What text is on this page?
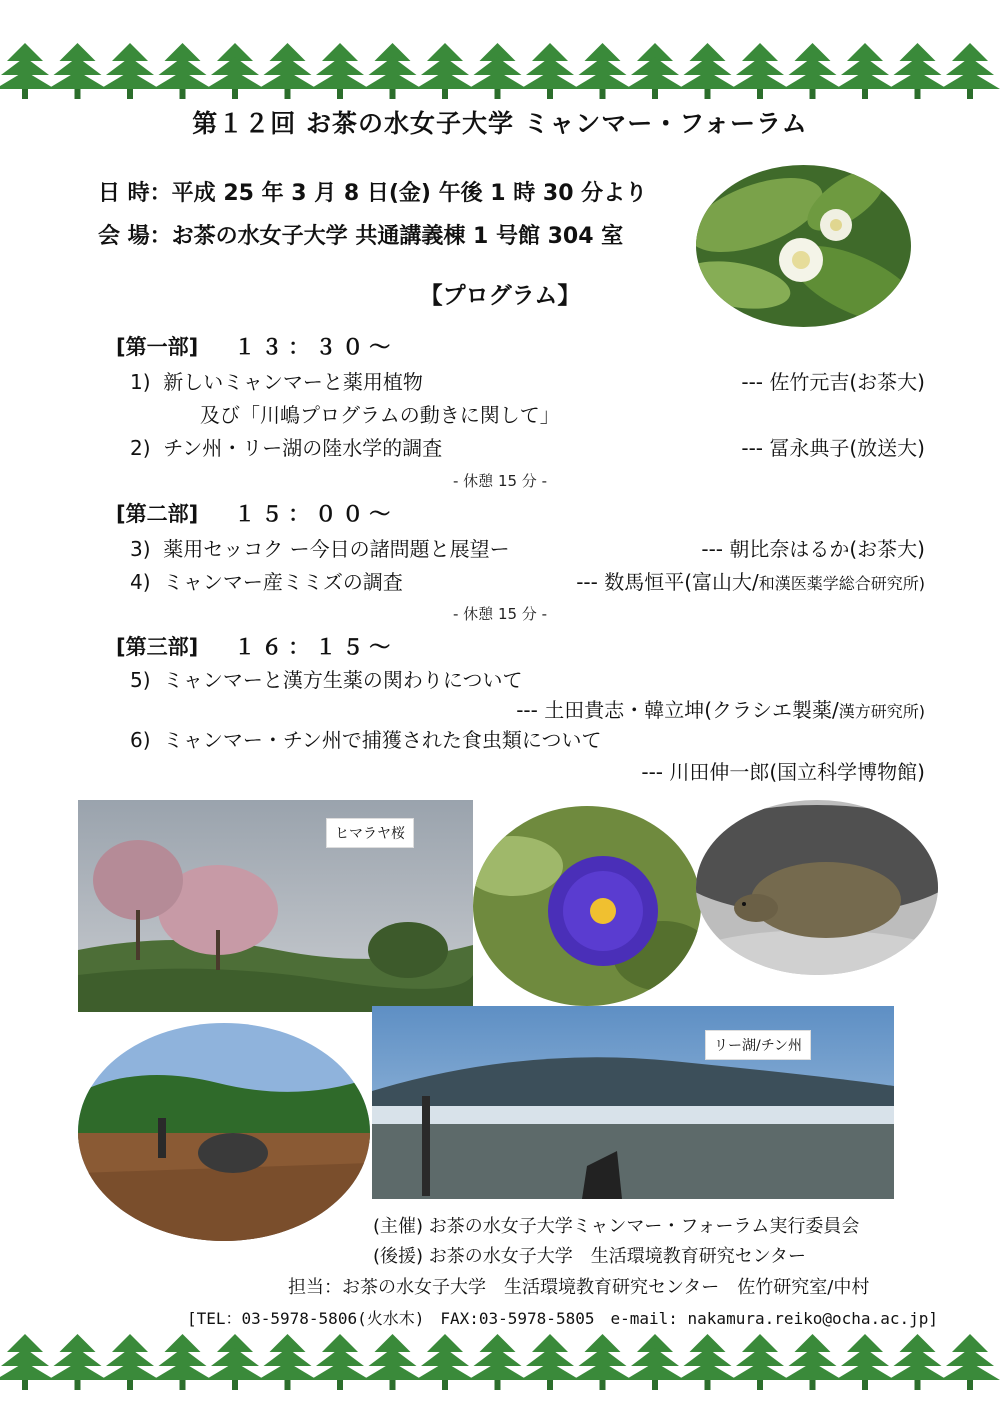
第１２回 お茶の水女子大学 ミャンマー・フォーラム
日 時：平成 25 年 3 月 8 日(金) 午後 1 時 30 分より
会 場：お茶の水女子大学 共通講義棟 1 号館 304 室
【プログラム】
[第一部] １３：３０～
1) 新しいミャンマーと薬用植物	--- 佐竹元吉(お茶大)
及び「川嶋プログラムの動きに関して」
2) チン州・リー湖の陸水学的調査	--- 冨永典子(放送大)
- 休憩 15 分 -
[第二部] １５：００～
3) 薬用セッコク ー今日の諸問題と展望ー	--- 朝比奈はるか(お茶大)
4) ミャンマー産ミミズの調査	--- 数馬恒平(富山大/和漢医薬学総合研究所)
- 休憩 15 分 -
[第三部] １６：１５～
5) ミャンマーと漢方生薬の関わりについて
--- 土田貴志・韓立坤(クラシエ製薬/漢方研究所)
6) ミャンマー・チン州で捕獲された食虫類について
--- 川田伸一郎(国立科学博物館)
ヒマラヤ桜
リー湖/チン州
(主催) お茶の水女子大学ミャンマー・フォーラム実行委員会
(後援) お茶の水女子大学　生活環境教育研究センター
担当：お茶の水女子大学　生活環境教育研究センター　佐竹研究室/中村
[TEL：03-5978-5806(火水木)　FAX:03-5978-5805　e-mail: nakamura.reiko@ocha.ac.jp]
